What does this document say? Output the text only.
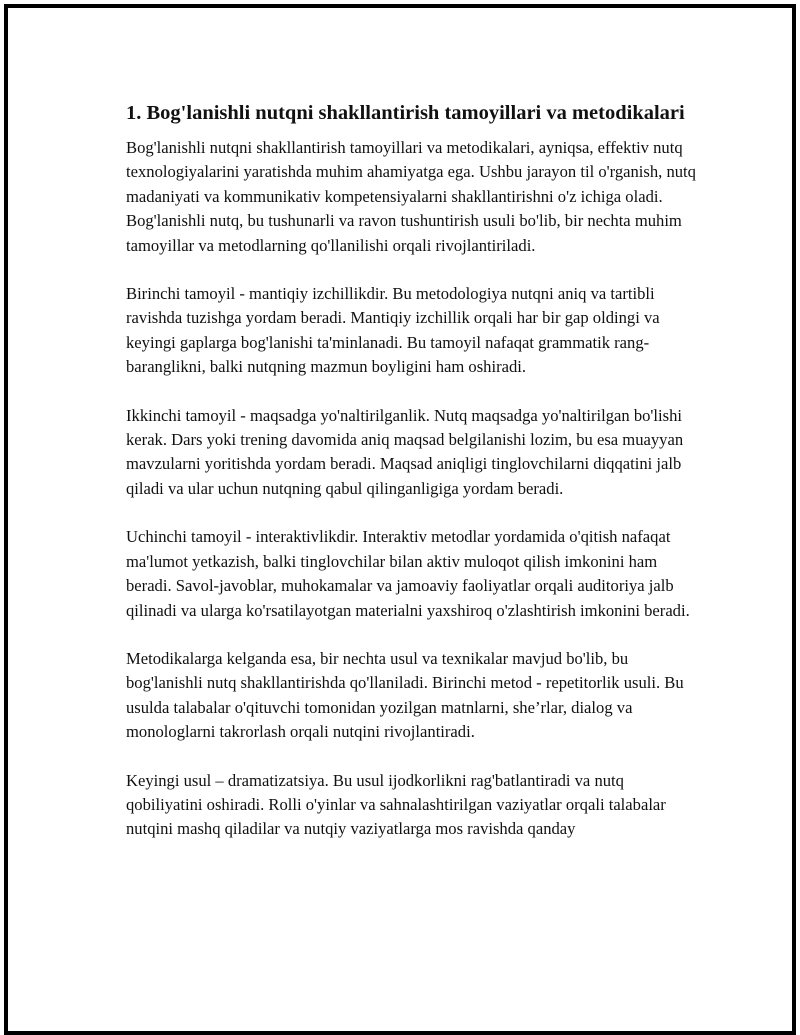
1. Bog'lanishli nutqni shakllantirish tamoyillari va metodikalari

Bog'lanishli nutqni shakllantirish tamoyillari va metodikalari, ayniqsa, effektiv nutq texnologiyalarini yaratishda muhim ahamiyatga ega. Ushbu jarayon til o'rganish, nutq madaniyati va kommunikativ kompetensiyalarni shakllantirishni o'z ichiga oladi. Bog'lanishli nutq, bu tushunarli va ravon tushuntirish usuli bo'lib, bir nechta muhim tamoyillar va metodlarning qo'llanilishi orqali rivojlantiriladi.

Birinchi tamoyil - mantiqiy izchillikdir. Bu metodologiya nutqni aniq va tartibli ravishda tuzishga yordam beradi. Mantiqiy izchillik orqali har bir gap oldingi va keyingi gaplarga bog'lanishi ta'minlanadi. Bu tamoyil nafaqat grammatik rang-baranglikni, balki nutqning mazmun boyligini ham oshiradi.

Ikkinchi tamoyil - maqsadga yo'naltirilganlik. Nutq maqsadga yo'naltirilgan bo'lishi kerak. Dars yoki trening davomida aniq maqsad belgilanishi lozim, bu esa muayyan mavzularni yoritishda yordam beradi. Maqsad aniqligi tinglovchilarni diqqatini jalb qiladi va ular uchun nutqning qabul qilinganligiga yordam beradi.

Uchinchi tamoyil - interaktivlikdir. Interaktiv metodlar yordamida o'qitish nafaqat ma'lumot yetkazish, balki tinglovchilar bilan aktiv muloqot qilish imkonini ham beradi. Savol-javoblar, muhokamalar va jamoaviy faoliyatlar orqali auditoriya jalb qilinadi va ularga ko'rsatilayotgan materialni yaxshiroq o'zlashtirish imkonini beradi.

Metodikalarga kelganda esa, bir nechta usul va texnikalar mavjud bo'lib, bu bog'lanishli nutq shakllantirishda qo'llaniladi. Birinchi metod - repetitorlik usuli. Bu usulda talabalar o'qituvchi tomonidan yozilgan matnlarni, she’rlar, dialog va monologlarni takrorlash orqali nutqini rivojlantiradi.

Keyingi usul – dramatizatsiya. Bu usul ijodkorlikni rag'batlantiradi va nutq qobiliyatini oshiradi. Rolli o'yinlar va sahnalashtirilgan vaziyatlar orqali talabalar nutqini mashq qiladilar va nutqiy vaziyatlarga mos ravishda qanday
